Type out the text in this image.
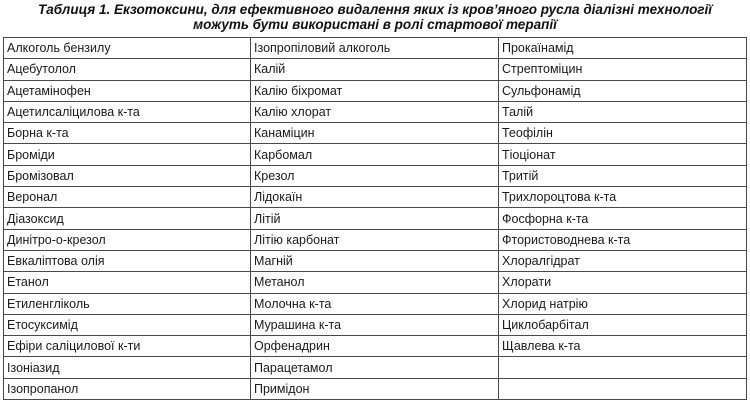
Таблиця 1. Екзотоксини, для ефективного видалення яких із кров’яного русла діалізні технології
можуть бути використані в ролі стартової терапії
Алкоголь бензилу	Ізопропіловий алкоголь	Прокаїнамід
Ацебутолол	Калій	Стрептоміцин
Ацетамінофен	Калію біхромат	Сульфонамід
Ацетилсаліцилова к-та	Калію хлорат	Талій
Борна к-та	Канаміцин	Теофілін
Броміди	Карбомал	Тіоціонат
Бромізовал	Крезол	Тритій
Веронал	Лідокаїн	Трихлороцтова к-та
Діазоксид	Літій	Фосфорна к-та
Динітро-о-крезол	Літію карбонат	Фтористоводнева к-та
Евкаліптова олія	Магній	Хлоралгідрат
Етанол	Метанол	Хлорати
Етиленгліколь	Молочна к-та	Хлорид натрію
Етосуксимід	Мурашина к-та	Циклобарбітал
Ефіри саліцилової к-ти	Орфенадрин	Щавлева к-та
Ізоніазид	Парацетамол	
Ізопропанол	Примідон	
